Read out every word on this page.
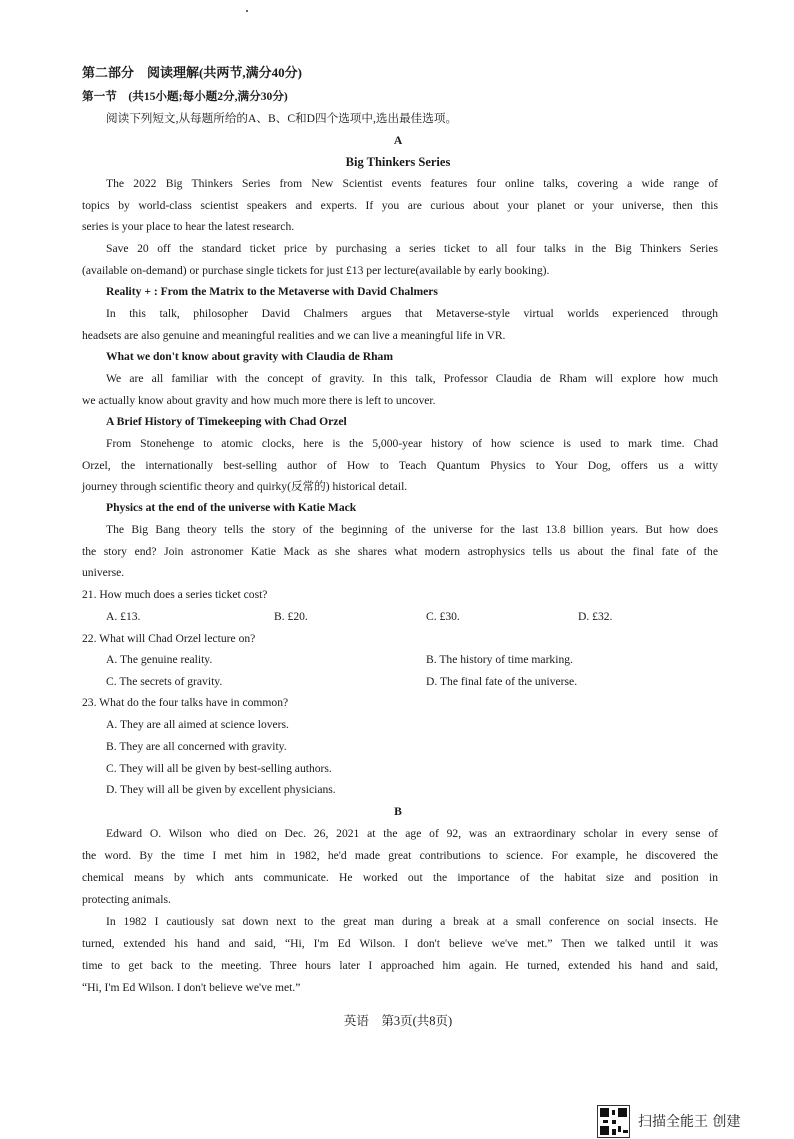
第二部分　阅读理解(共两节,满分40分)
第一节　(共15小题;每小题2分,满分30分)
阅读下列短文,从每题所给的A、B、C和D四个选项中,选出最佳选项。
A
Big Thinkers Series
The 2022 Big Thinkers Series from New Scientist events features four online talks, covering a wide range of
topics by world-class scientist speakers and experts. If you are curious about your planet or your universe, then this
series is your place to hear the latest research.
Save 20 off the standard ticket price by purchasing a series ticket to all four talks in the Big Thinkers Series
(available on-demand) or purchase single tickets for just £13 per lecture(available by early booking).
Reality + : From the Matrix to the Metaverse with David Chalmers
In this talk, philosopher David Chalmers argues that Metaverse-style virtual worlds experienced through
headsets are also genuine and meaningful realities and we can live a meaningful life in VR.
What we don't know about gravity with Claudia de Rham
We are all familiar with the concept of gravity. In this talk, Professor Claudia de Rham will explore how much
we actually know about gravity and how much more there is left to uncover.
A Brief History of Timekeeping with Chad Orzel
From Stonehenge to atomic clocks, here is the 5,000-year history of how science is used to mark time. Chad
Orzel, the internationally best-selling author of How to Teach Quantum Physics to Your Dog, offers us a witty
journey through scientific theory and quirky(反常的) historical detail.
Physics at the end of the universe with Katie Mack
The Big Bang theory tells the story of the beginning of the universe for the last 13.8 billion years. But how does
the story end? Join astronomer Katie Mack as she shares what modern astrophysics tells us about the final fate of the
universe.
21. How much does a series ticket cost?
A. £13.	B. £20.	C. £30.	D. £32.
22. What will Chad Orzel lecture on?
A. The genuine reality.	B. The history of time marking.
C. The secrets of gravity.	D. The final fate of the universe.
23. What do the four talks have in common?
A. They are all aimed at science lovers.
B. They are all concerned with gravity.
C. They will all be given by best-selling authors.
D. They will all be given by excellent physicians.
B
Edward O. Wilson who died on Dec. 26, 2021 at the age of 92, was an extraordinary scholar in every sense of
the word. By the time I met him in 1982, he'd made great contributions to science. For example, he discovered the
chemical means by which ants communicate. He worked out the importance of the habitat size and position in
protecting animals.
In 1982 I cautiously sat down next to the great man during a break at a small conference on social insects. He
turned, extended his hand and said, “Hi, I'm Ed Wilson. I don't believe we've met.” Then we talked until it was
time to get back to the meeting. Three hours later I approached him again. He turned, extended his hand and said,
“Hi, I'm Ed Wilson. I don't believe we've met.”
英语　第3页(共8页)
扫描全能王 创建
